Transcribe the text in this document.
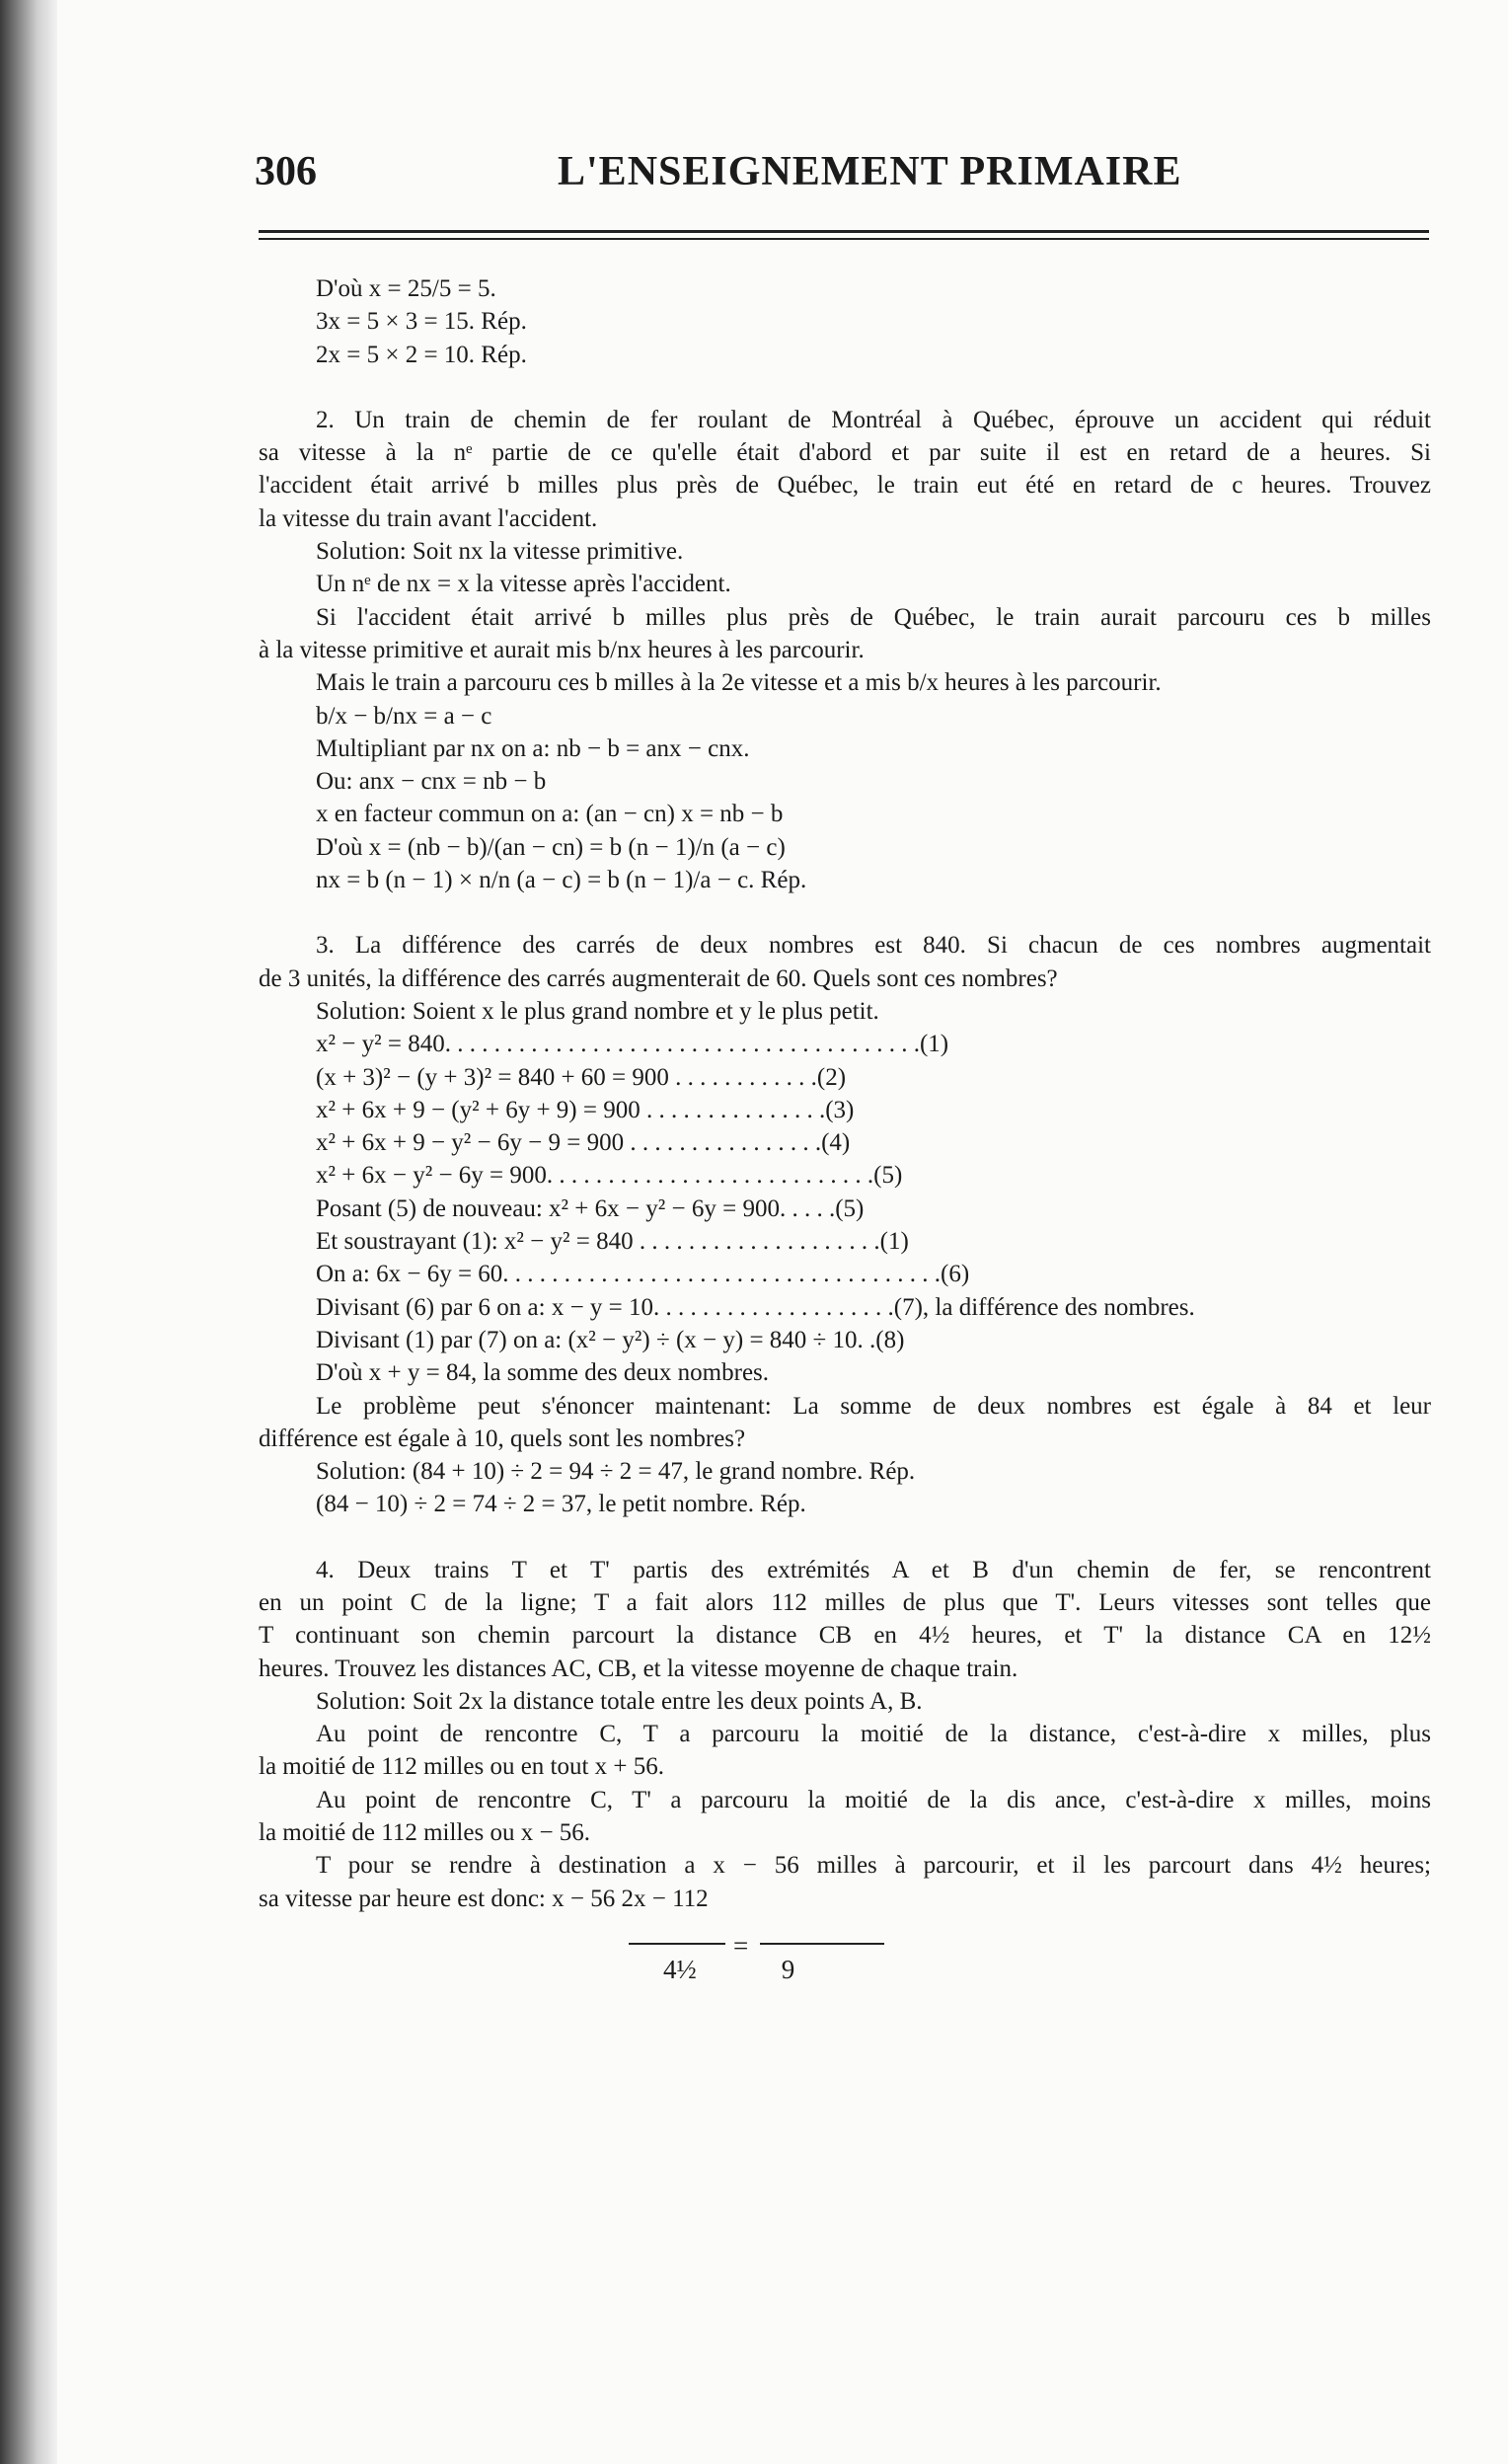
306	L'ENSEIGNEMENT PRIMAIRE
D'où x = 25/5 = 5.
3x = 5 × 3 = 15. Rép.
2x = 5 × 2 = 10. Rép.
2. Un train de chemin de fer roulant de Montréal à Québec, éprouve un accident qui réduit
sa vitesse à la nᵉ partie de ce qu'elle était d'abord et par suite il est en retard de a heures. Si
l'accident était arrivé b milles plus près de Québec, le train eut été en retard de c heures. Trouvez
la vitesse du train avant l'accident.
Solution: Soit nx la vitesse primitive.
Un nᵉ de nx = x la vitesse après l'accident.
Si l'accident était arrivé b milles plus près de Québec, le train aurait parcouru ces b milles
à la vitesse primitive et aurait mis b/nx heures à les parcourir.
Mais le train a parcouru ces b milles à la 2e vitesse et a mis b/x heures à les parcourir.
b/x − b/nx = a − c
Multipliant par nx on a: nb − b = anx − cnx.
Ou: anx − cnx = nb − b
x en facteur commun on a: (an − cn) x = nb − b
D'où x = (nb − b)/(an − cn) = b (n − 1)/n (a − c)
nx = b (n − 1) × n/n (a − c) = b (n − 1)/a − c. Rép.
3. La différence des carrés de deux nombres est 840. Si chacun de ces nombres augmentait
de 3 unités, la différence des carrés augmenterait de 60. Quels sont ces nombres?
Solution: Soient x le plus grand nombre et y le plus petit.
x² − y² = 840. . . . . . . . . . . . . . . . . . . . . . . . . . . . . . . . . . . . . . .(1)
(x + 3)² − (y + 3)² = 840 + 60 = 900 . . . . . . . . . . . .(2)
x² + 6x + 9 − (y² + 6y + 9) = 900 . . . . . . . . . . . . . . .(3)
x² + 6x + 9 − y² − 6y − 9 = 900 . . . . . . . . . . . . . . . .(4)
x² + 6x − y² − 6y = 900. . . . . . . . . . . . . . . . . . . . . . . . . . .(5)
Posant (5) de nouveau: x² + 6x − y² − 6y = 900. . . . .(5)
Et soustrayant (1): x² − y² = 840 . . . . . . . . . . . . . . . . . . . .(1)
On a: 6x − 6y = 60. . . . . . . . . . . . . . . . . . . . . . . . . . . . . . . . . . . .(6)
Divisant (6) par 6 on a: x − y = 10. . . . . . . . . . . . . . . . . . . .(7), la différence des nombres.
Divisant (1) par (7) on a: (x² − y²) ÷ (x − y) = 840 ÷ 10. .(8)
D'où x + y = 84, la somme des deux nombres.
Le problème peut s'énoncer maintenant: La somme de deux nombres est égale à 84 et leur
différence est égale à 10, quels sont les nombres?
Solution: (84 + 10) ÷ 2 = 94 ÷ 2 = 47, le grand nombre. Rép.
(84 − 10) ÷ 2 = 74 ÷ 2 = 37, le petit nombre. Rép.
4. Deux trains T et T' partis des extrémités A et B d'un chemin de fer, se rencontrent
en un point C de la ligne; T a fait alors 112 milles de plus que T'. Leurs vitesses sont telles que
T continuant son chemin parcourt la distance CB en 4½ heures, et T' la distance CA en 12½
heures. Trouvez les distances AC, CB, et la vitesse moyenne de chaque train.
Solution: Soit 2x la distance totale entre les deux points A, B.
Au point de rencontre C, T a parcouru la moitié de la distance, c'est-à-dire x milles, plus
la moitié de 112 milles ou en tout x + 56.
Au point de rencontre C, T' a parcouru la moitié de la dis ance, c'est-à-dire x milles, moins
la moitié de 112 milles ou x − 56.
T pour se rendre à destination a x − 56 milles à parcourir, et il les parcourt dans 4½ heures;
sa vitesse par heure est donc: x − 56 2x − 112
=
4½	9
